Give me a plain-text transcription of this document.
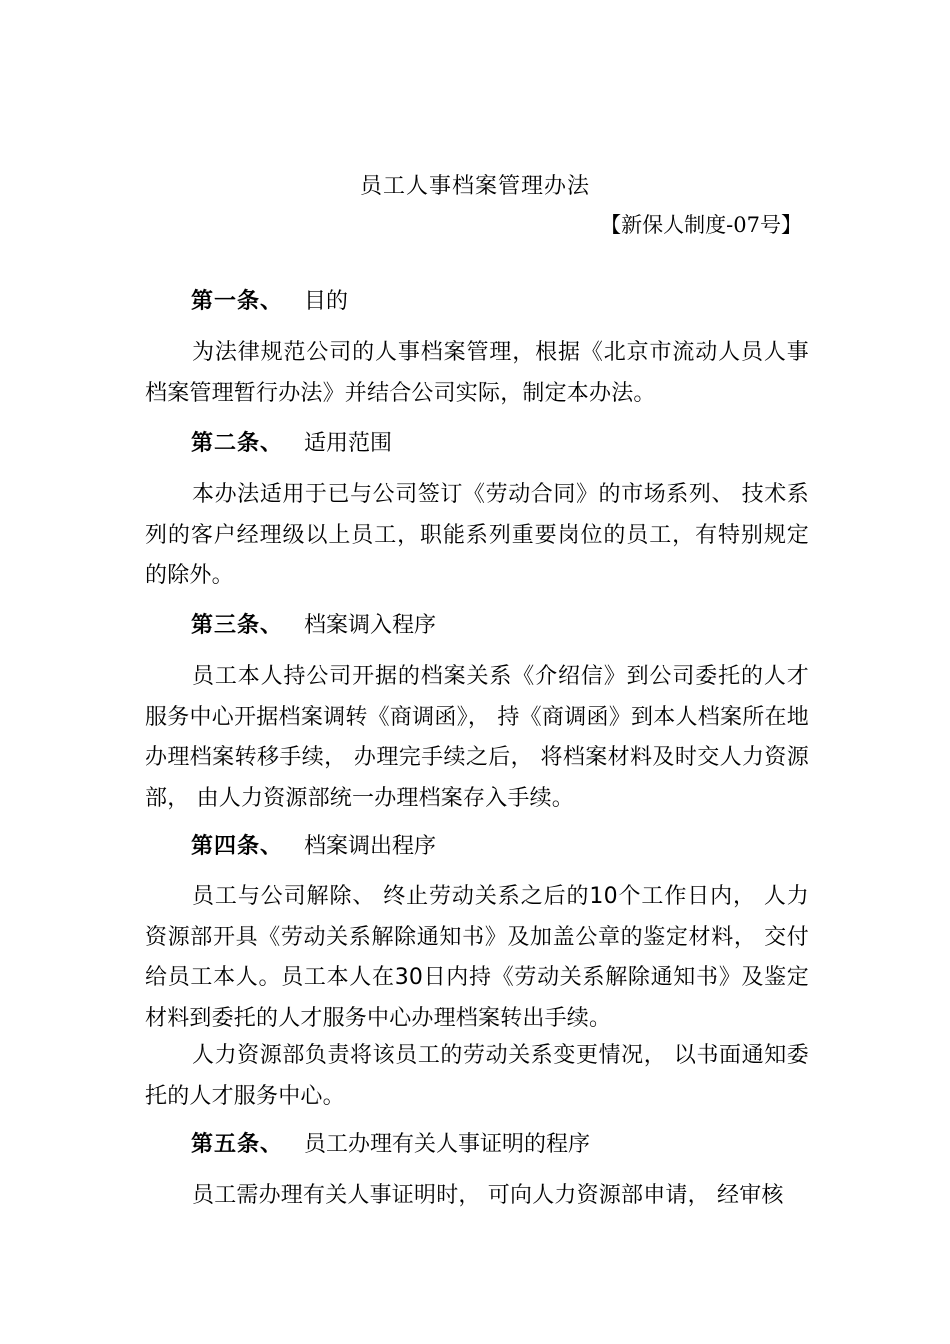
员工人事档案管理办法
【新保人制度-07号】
第一条、 目的
为法律规范公司的人事档案管理，根据《北京市流动人员人事档案管理暂行办法》并结合公司实际，制定本办法。
第二条、 适用范围
本办法适用于已与公司签订《劳动合同》的市场系列、 技术系列的客户经理级以上员工，职能系列重要岗位的员工，有特别规定的除外。
第三条、 档案调入程序
员工本人持公司开据的档案关系《介绍信》到公司委托的人才服务中心开据档案调转《商调函》， 持《商调函》到本人档案所在地办理档案转移手续， 办理完手续之后， 将档案材料及时交人力资源部， 由人力资源部统一办理档案存入手续。
第四条、 档案调出程序
员工与公司解除、 终止劳动关系之后的10个工作日内， 人力资源部开具《劳动关系解除通知书》及加盖公章的鉴定材料， 交付给员工本人。员工本人在30日内持《劳动关系解除通知书》及鉴定材料到委托的人才服务中心办理档案转出手续。
人力资源部负责将该员工的劳动关系变更情况， 以书面通知委托的人才服务中心。
第五条、 员工办理有关人事证明的程序
员工需办理有关人事证明时， 可向人力资源部申请， 经审核
